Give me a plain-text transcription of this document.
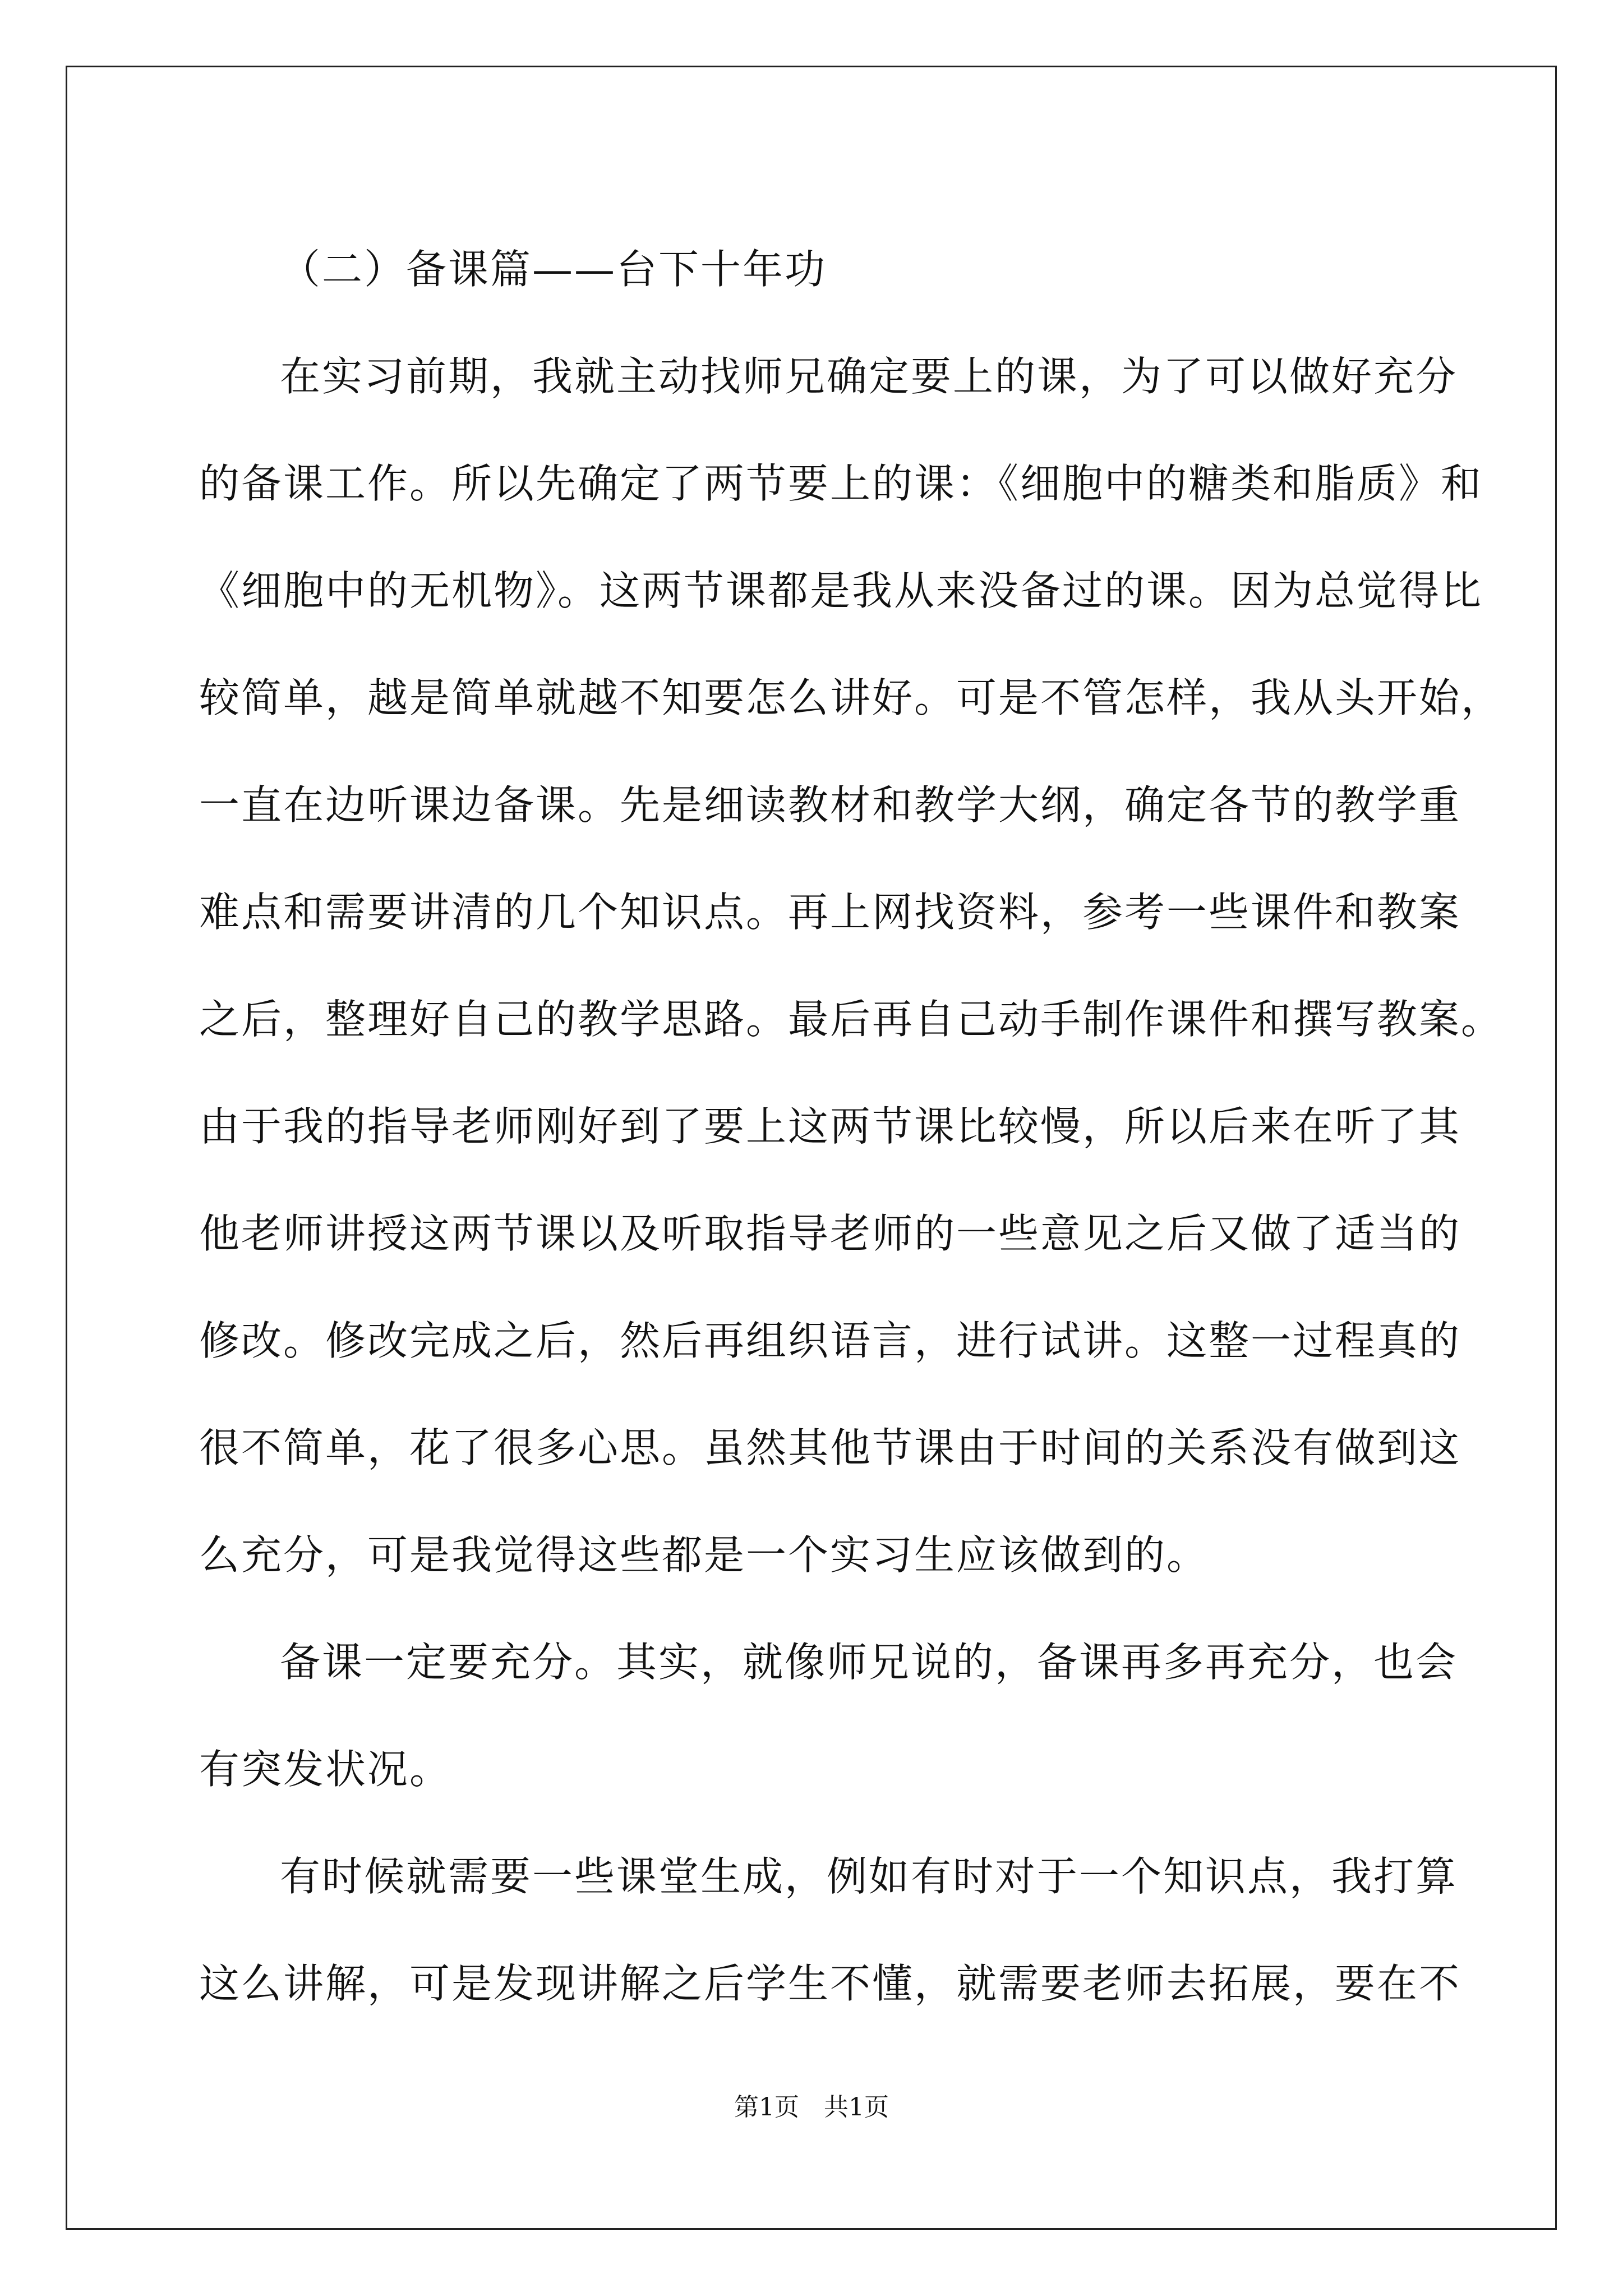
（二）备课篇——台下十年功
在实习前期，我就主动找师兄确定要上的课，为了可以做好充分
的备课工作。所以先确定了两节要上的课：《细胞中的糖类和脂质》和
《细胞中的无机物》。这两节课都是我从来没备过的课。因为总觉得比
较简单，越是简单就越不知要怎么讲好。可是不管怎样，我从头开始，
一直在边听课边备课。先是细读教材和教学大纲，确定各节的教学重
难点和需要讲清的几个知识点。再上网找资料，参考一些课件和教案
之后，整理好自己的教学思路。最后再自己动手制作课件和撰写教案。
由于我的指导老师刚好到了要上这两节课比较慢，所以后来在听了其
他老师讲授这两节课以及听取指导老师的一些意见之后又做了适当的
修改。修改完成之后，然后再组织语言，进行试讲。这整一过程真的
很不简单，花了很多心思。虽然其他节课由于时间的关系没有做到这
么充分，可是我觉得这些都是一个实习生应该做到的。
备课一定要充分。其实，就像师兄说的，备课再多再充分，也会
有突发状况。
有时候就需要一些课堂生成，例如有时对于一个知识点，我打算
这么讲解，可是发现讲解之后学生不懂，就需要老师去拓展，要在不
第1页　共1页
